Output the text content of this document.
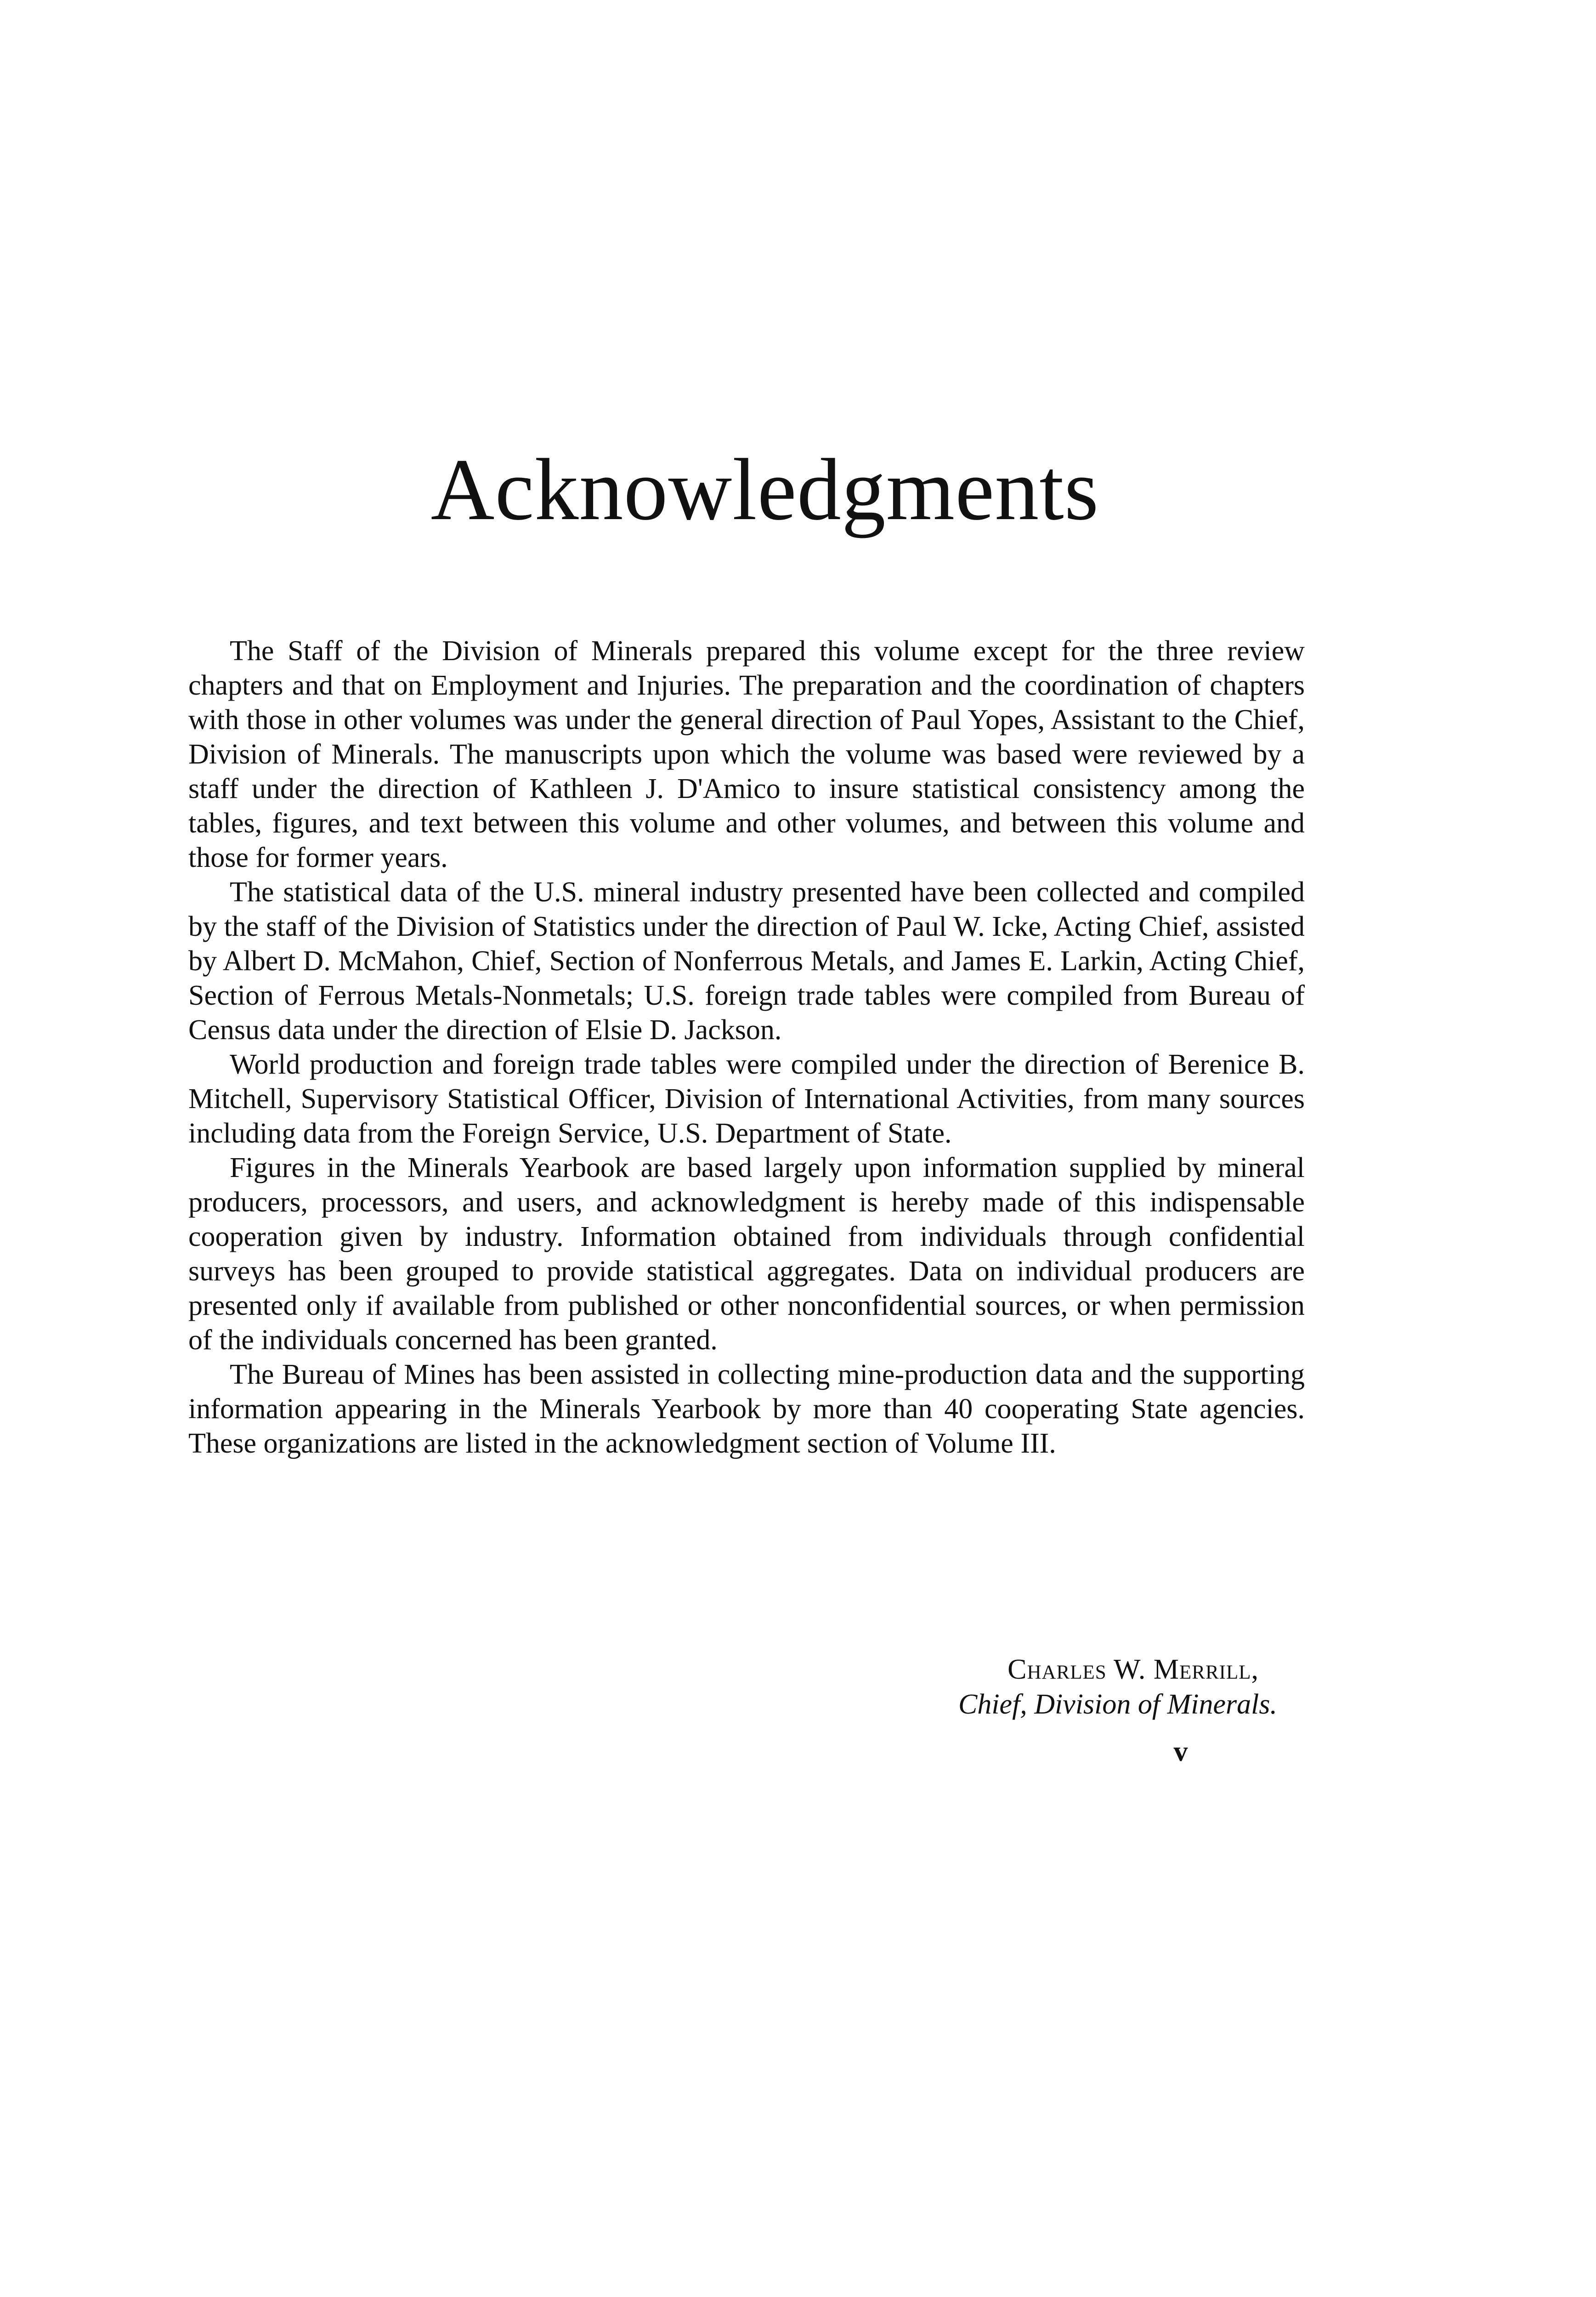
Acknowledgments

The Staff of the Division of Minerals prepared this volume except for the three review chapters and that on Employment and Injuries. The preparation and the coordination of chapters with those in other volumes was under the general direction of Paul Yopes, Assistant to the Chief, Division of Minerals. The manuscripts upon which the volume was based were reviewed by a staff under the direction of Kathleen J. D'Amico to insure statistical consistency among the tables, figures, and text between this volume and other volumes, and between this volume and those for former years.

The statistical data of the U.S. mineral industry presented have been collected and compiled by the staff of the Division of Statistics under the direction of Paul W. Icke, Acting Chief, assisted by Albert D. McMahon, Chief, Section of Nonferrous Metals, and James E. Larkin, Acting Chief, Section of Ferrous Metals-Nonmetals; U.S. foreign trade tables were compiled from Bureau of Census data under the direction of Elsie D. Jackson.

World production and foreign trade tables were compiled under the direction of Berenice B. Mitchell, Supervisory Statistical Officer, Division of International Activities, from many sources including data from the Foreign Service, U.S. Department of State.

Figures in the Minerals Yearbook are based largely upon information supplied by mineral producers, processors, and users, and acknowledgment is hereby made of this indispensable cooperation given by industry. Information obtained from individuals through confidential surveys has been grouped to provide statistical aggregates. Data on individual producers are presented only if available from published or other nonconfidential sources, or when permission of the individuals concerned has been granted.

The Bureau of Mines has been assisted in collecting mine-production data and the supporting information appearing in the Minerals Yearbook by more than 40 cooperating State agencies. These organizations are listed in the acknowledgment section of Volume III.

Charles W. Merrill,
Chief, Division of Minerals.
v
